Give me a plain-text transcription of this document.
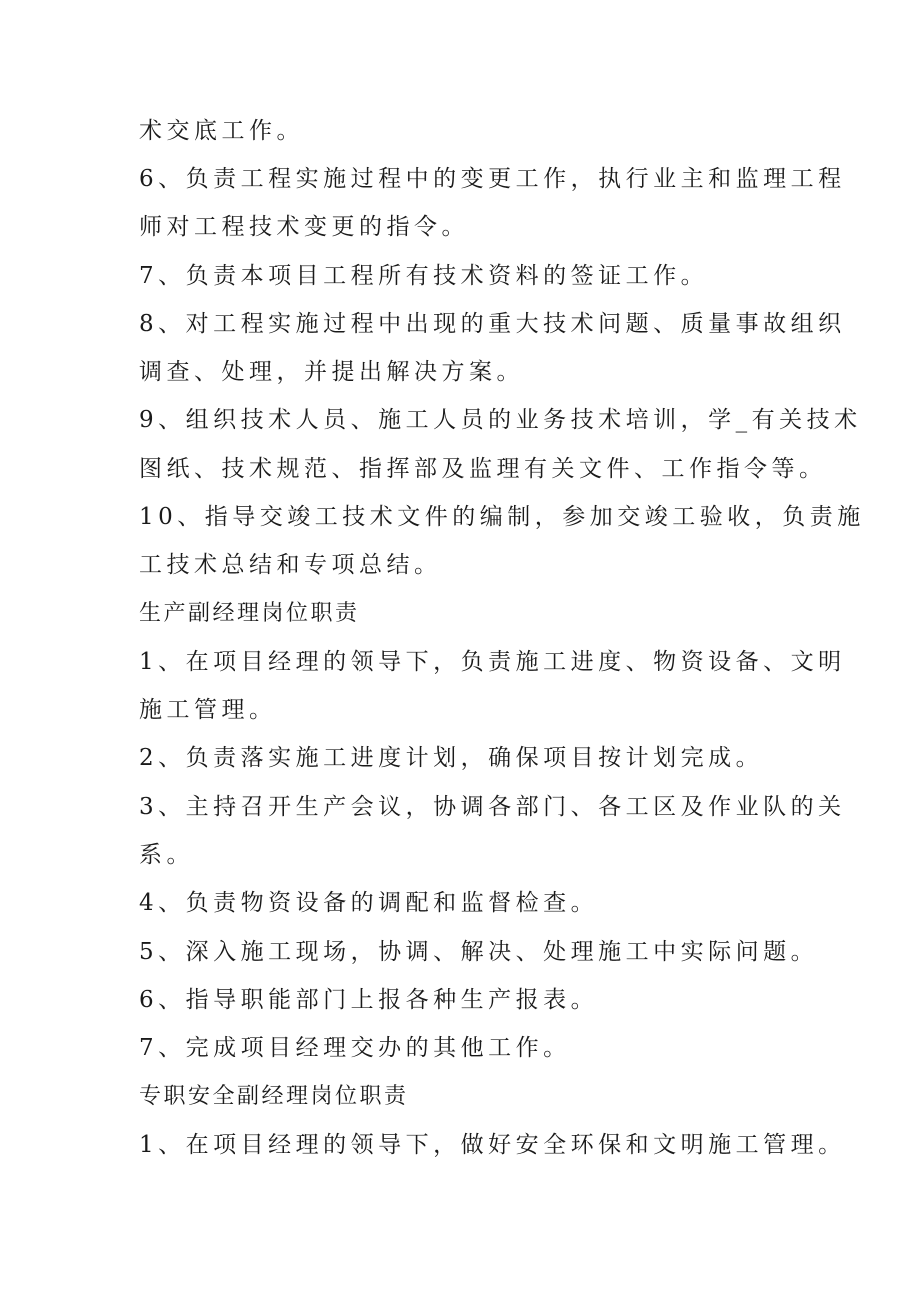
术交底工作。
6、负责工程实施过程中的变更工作，执行业主和监理工程
师对工程技术变更的指令。
7、负责本项目工程所有技术资料的签证工作。
8、对工程实施过程中出现的重大技术问题、质量事故组织
调查、处理，并提出解决方案。
9、组织技术人员、施工人员的业务技术培训，学_有关技术
图纸、技术规范、指挥部及监理有关文件、工作指令等。
10、指导交竣工技术文件的编制，参加交竣工验收，负责施
工技术总结和专项总结。
生产副经理岗位职责
1、在项目经理的领导下，负责施工进度、物资设备、文明
施工管理。
2、负责落实施工进度计划，确保项目按计划完成。
3、主持召开生产会议，协调各部门、各工区及作业队的关
系。
4、负责物资设备的调配和监督检查。
5、深入施工现场，协调、解决、处理施工中实际问题。
6、指导职能部门上报各种生产报表。
7、完成项目经理交办的其他工作。
专职安全副经理岗位职责
1、在项目经理的领导下，做好安全环保和文明施工管理。
